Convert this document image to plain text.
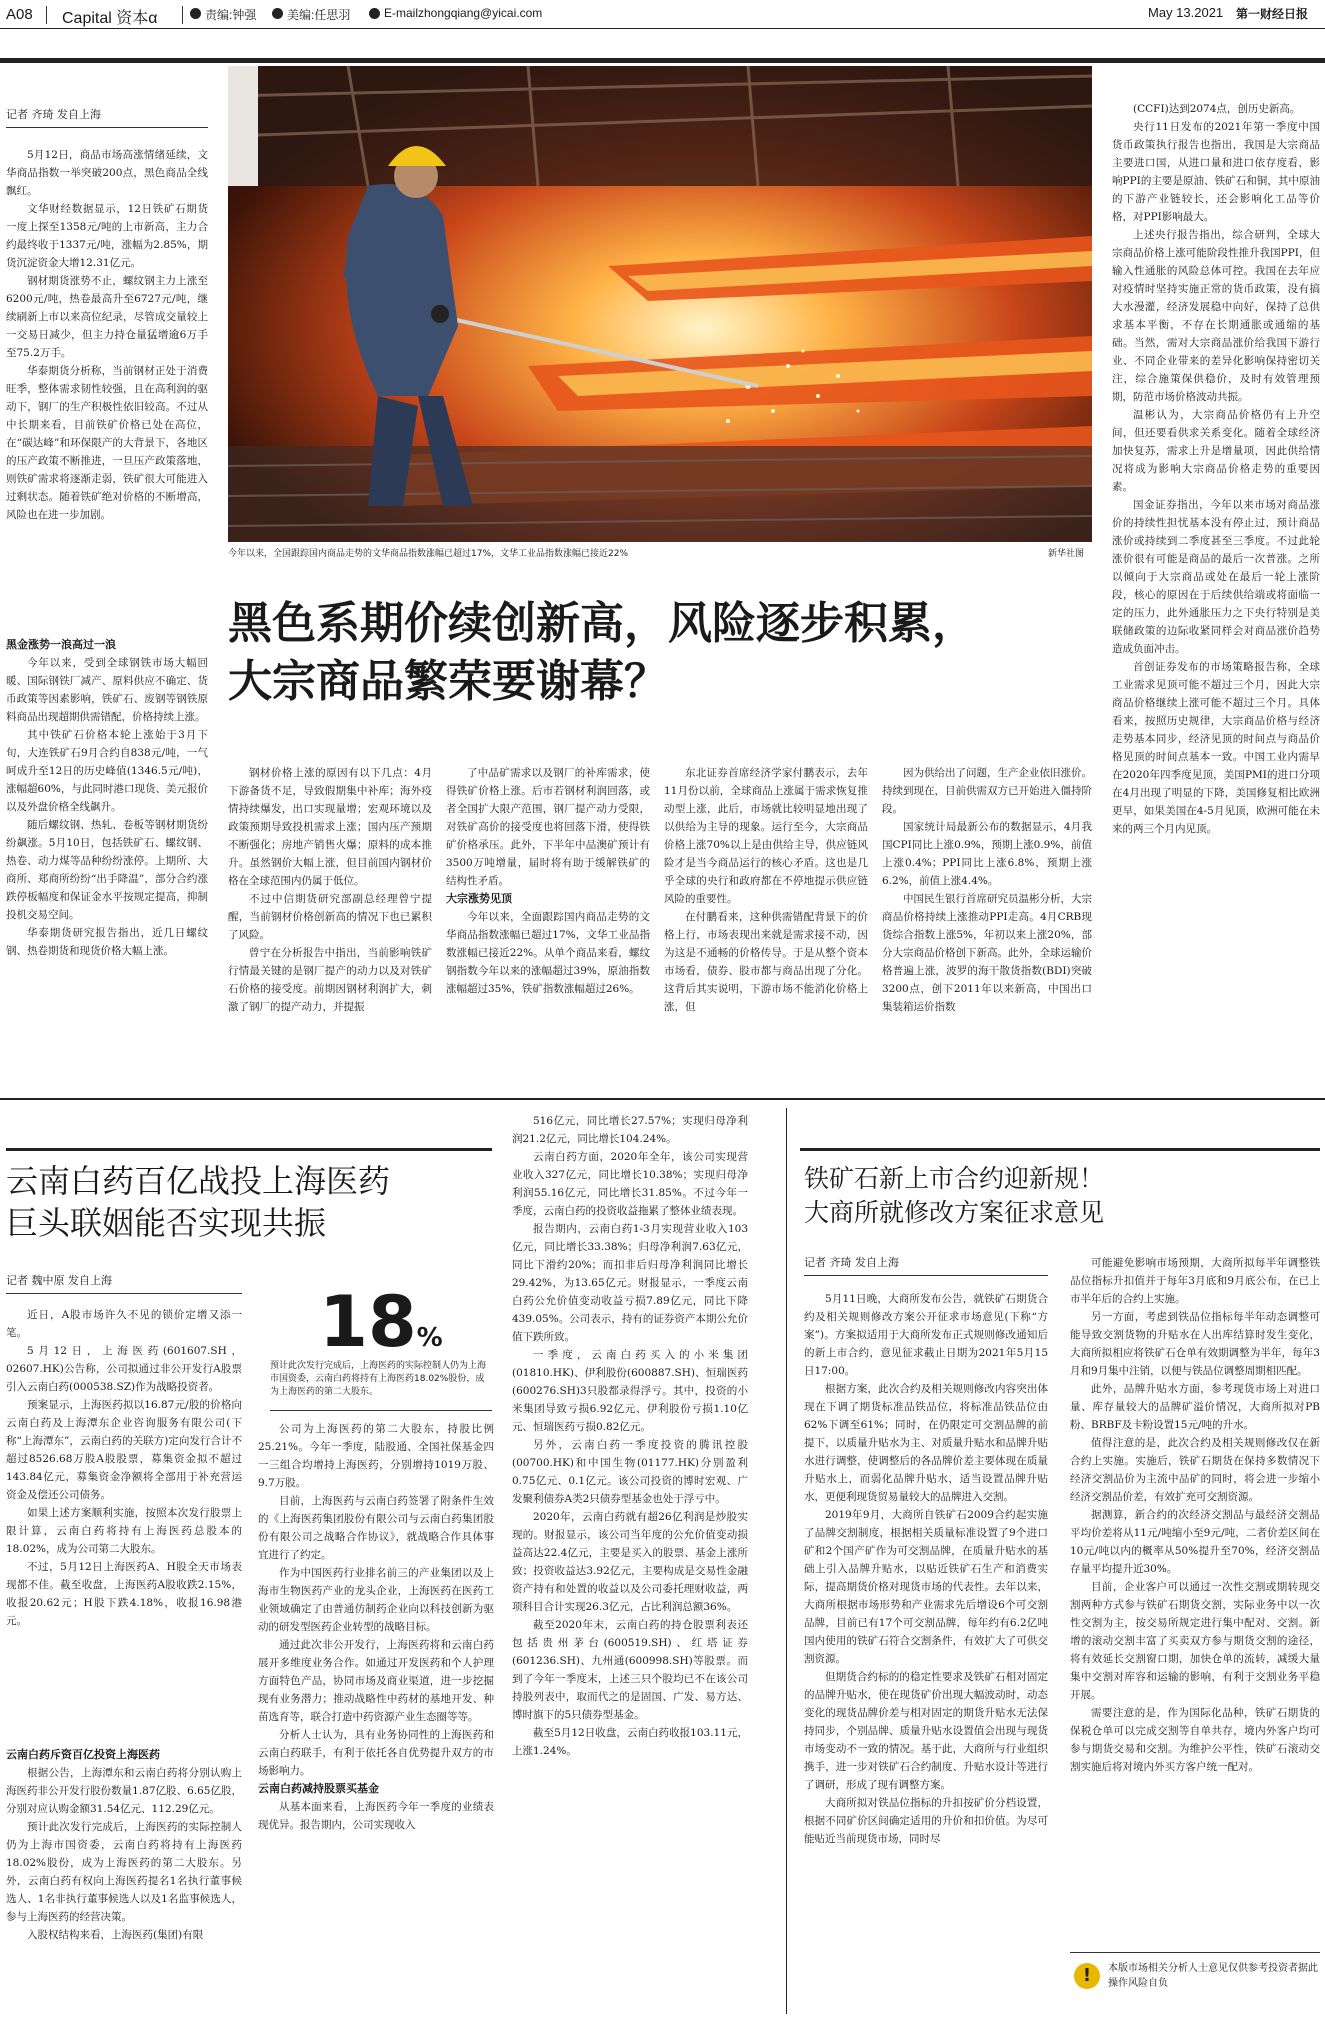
A08 Capital 资本α	责编:钟强	美编:任思羽	E-mailzhongqiang@yicai.com	May 13.2021 第一财经日报
今年以来，全国跟踪国内商品走势的文华商品指数涨幅已超过17%，文华工业品指数涨幅已接近22%	新华社图
黑色系期价续创新高，风险逐步积累，
大宗商品繁荣要谢幕？
记者 齐琦 发自上海

5月12日，商品市场高涨情绪延续，文华商品指数一举突破200点，黑色商品全线飘红。

文华财经数据显示，12日铁矿石期货一度上探至1358元/吨的上市新高，主力合约最终收于1337元/吨，涨幅为2.85%，期货沉淀资金大增12.31亿元。

钢材期货涨势不止，螺纹钢主力上涨至6200元/吨，热卷最高升至6727元/吨，继续刷新上市以来高位纪录，尽管成交量较上一交易日减少，但主力持仓量猛增逾6万手至75.2万手。

华泰期货分析称，当前钢材正处于消费旺季，整体需求韧性较强，且在高利润的驱动下，钢厂的生产积极性依旧较高。不过从中长期来看，目前铁矿价格已处在高位，在“碳达峰”和环保限产的大背景下，各地区的压产政策不断推进，一旦压产政策落地，则铁矿需求将逐渐走弱，铁矿很大可能进入过剩状态。随着铁矿绝对价格的不断增高，风险也在进一步加剧。

黑金涨势一浪高过一浪

今年以来，受到全球钢铁市场大幅回暖、国际钢铁厂减产、原料供应不确定、货币政策等因素影响，铁矿石、废钢等钢铁原料商品出现超期供需错配，价格持续上涨。

其中铁矿石价格本轮上涨始于3月下旬，大连铁矿石9月合约自838元/吨，一气呵成升至12日的历史峰值(1346.5元/吨)，涨幅超60%，与此同时港口现货、美元报价以及外盘价格全线飙升。

随后螺纹钢、热轧、卷板等钢材期货纷纷飙涨。5月10日，包括铁矿石、螺纹钢、热卷、动力煤等品种纷纷涨停。上期所、大商所、郑商所纷纷“出手降温”，部分合约涨跌停板幅度和保证金水平按规定提高，抑制投机交易空间。

华泰期货研究报告指出，近几日螺纹钢、热卷期货和现货价格大幅上涨。

钢材价格上涨的原因有以下几点：4月下游备货不足，导致假期集中补库；海外疫情持续爆发，出口实现量增；宏观环境以及政策预期导致投机需求上涨；国内压产预期不断强化；房地产销售火爆；原料的成本推升。虽然钢价大幅上涨，但目前国内钢材价格在全球范围内仍属于低位。

不过中信期货研究部副总经理曾宁提醒，当前钢材价格创新高的情况下也已累积了风险。

曾宁在分析报告中指出，当前影响铁矿行情最关键的是钢厂提产的动力以及对铁矿石价格的接受度。前期因钢材利润扩大，刺激了钢厂的提产动力，并提振

了中品矿需求以及钢厂的补库需求，使得铁矿价格上涨。后市若钢材利润回落，或者全国扩大限产范围，钢厂提产动力受限，对铁矿高价的接受度也将回落下滑，使得铁矿价格承压。此外，下半年中品澳矿预计有3500万吨增量，届时将有助于缓解铁矿的结构性矛盾。

大宗涨势见顶

今年以来，全面跟踪国内商品走势的文华商品指数涨幅已超过17%，文华工业品指数涨幅已接近22%。从单个商品来看，螺纹钢指数今年以来的涨幅超过39%，原油指数涨幅超过35%，铁矿指数涨幅超过26%。

东北证券首席经济学家付鹏表示，去年11月份以前，全球商品上涨属于需求恢复推动型上涨，此后，市场就比较明显地出现了以供给为主导的现象。运行至今，大宗商品价格上涨70%以上是由供给主导，供应链风险才是当今商品运行的核心矛盾。这也是几乎全球的央行和政府都在不停地提示供应链风险的重要性。

在付鹏看来，这种供需错配背景下的价格上行，市场表现出来就是需求接不动，因为这是不通畅的价格传导。于是从整个资本市场看，债券、股市都与商品出现了分化。这背后其实说明，下游市场不能消化价格上涨，但

因为供给出了问题，生产企业依旧涨价。持续到现在，目前供需双方已开始进入僵持阶段。

国家统计局最新公布的数据显示，4月我国CPI同比上涨0.9%，预期上涨0.9%，前值上涨0.4%；PPI同比上涨6.8%，预期上涨6.2%，前值上涨4.4%。

中国民生银行首席研究员温彬分析，大宗商品价格持续上涨推动PPI走高。4月CRB现货综合指数上涨5%，年初以来上涨20%，部分大宗商品价格创下新高。此外，全球运输价格普遍上涨，波罗的海干散货指数(BDI)突破3200点，创下2011年以来新高，中国出口集装箱运价指数

(CCFI)达到2074点，创历史新高。

央行11日发布的2021年第一季度中国货币政策执行报告也指出，我国是大宗商品主要进口国，从进口量和进口依存度看，影响PPI的主要是原油、铁矿石和铜，其中原油的下游产业链较长，还会影响化工品等价格，对PPI影响最大。

上述央行报告指出，综合研判，全球大宗商品价格上涨可能阶段性推升我国PPI，但输入性通胀的风险总体可控。我国在去年应对疫情时坚持实施正常的货币政策，没有搞大水漫灌，经济发展稳中向好，保持了总供求基本平衡，不存在长期通胀或通缩的基础。当然，需对大宗商品涨价给我国下游行业、不同企业带来的差异化影响保持密切关注，综合施策保供稳价，及时有效管理预期，防范市场价格波动共振。

温彬认为，大宗商品价格仍有上升空间，但还要看供求关系变化。随着全球经济加快复苏，需求上升是增量项，因此供给情况将成为影响大宗商品价格走势的重要因素。

国金证券指出，今年以来市场对商品涨价的持续性担忧基本没有停止过，预计商品涨价或持续到二季度甚至三季度。不过此轮涨价很有可能是商品的最后一次普涨。之所以倾向于大宗商品或处在最后一轮上涨阶段，核心的原因在于后续供给端或将面临一定的压力，此外通胀压力之下央行特别是美联储政策的边际收紧同样会对商品涨价趋势造成负面冲击。

首创证券发布的市场策略报告称，全球工业需求见顶可能不超过三个月，因此大宗商品价格继续上涨可能不超过三个月。具体看来，按照历史规律，大宗商品价格与经济走势基本同步，经济见顶的时间点与商品价格见顶的时间点基本一致。中国工业内需早在2020年四季度见顶，美国PMI的进口分项在4月出现了明显的下降，美国修复相比欧洲更早，如果美国在4-5月见顶，欧洲可能在未来的两三个月内见顶。

云南白药百亿战投上海医药
巨头联姻能否实现共振
记者 魏中原 发自上海

近日，A股市场许久不见的锁价定增又添一笔。

5月12日，上海医药(601607.SH，02607.HK)公告称，公司拟通过非公开发行A股票引入云南白药(000538.SZ)作为战略投资者。

预案显示，上海医药拟以16.87元/股的价格向云南白药及上海潭东企业咨询服务有限公司(下称“上海潭东”，云南白药的关联方)定向发行合计不超过8526.68万股A股股票，募集资金拟不超过143.84亿元，募集资金净额将全部用于补充营运资金及偿还公司债务。

如果上述方案顺利实施，按照本次发行股票上限计算，云南白药将持有上海医药总股本的18.02%，成为公司第二大股东。

不过，5月12日上海医药A、H股全天市场表现都不佳。截至收盘，上海医药A股收跌2.15%，收报20.62元；H股下跌4.18%，收报16.98港元。

云南白药斥资百亿投资上海医药

根据公告，上海潭东和云南白药将分别认购上海医药非公开发行股份数量1.87亿股、6.65亿股，分别对应认购金额31.54亿元、112.29亿元。

预计此次发行完成后，上海医药的实际控制人仍为上海市国资委，云南白药将持有上海医药18.02%股份，成为上海医药的第二大股东。另外，云南白药有权向上海医药提名1名执行董事候选人、1名非执行董事候选人以及1名监事候选人，参与上海医药的经营决策。

入股权结构来看，上海医药(集团)有限

18%
预计此次发行完成后，上海医药的实际控制人仍为上海市国资委，云南白药将持有上海医药18.02%股份，成为上海医药的第二大股东。

公司为上海医药的第二大股东，持股比例25.21%。今年一季度，陆股通、全国社保基金四一三组合均增持上海医药，分别增持1019万股、9.7万股。

目前，上海医药与云南白药签署了附条件生效的《上海医药集团股份有限公司与云南白药集团股份有限公司之战略合作协议》，就战略合作具体事宜进行了约定。

作为中国医药行业排名前三的产业集团以及上海市生物医药产业的龙头企业，上海医药在医药工业领域确定了由普通仿制药企业向以科技创新为驱动的研发型医药企业转型的战略目标。

通过此次非公开发行，上海医药将和云南白药展开多维度业务合作。如通过开发医药和个人护理方面特色产品，协同市场及商业渠道，进一步挖掘现有业务潜力；推动战略性中药材的基地开发、种苗选育等，联合打造中药资源产业生态圈等等。

分析人士认为，具有业务协同性的上海医药和云南白药联手，有利于依托各自优势提升双方的市场影响力。

云南白药减持股票买基金

从基本面来看，上海医药今年一季度的业绩表现优异。报告期内，公司实现收入

516亿元，同比增长27.57%；实现归母净利润21.2亿元，同比增长104.24%。

云南白药方面，2020年全年，该公司实现营业收入327亿元，同比增长10.38%；实现归母净利润55.16亿元，同比增长31.85%。不过今年一季度，云南白药的投资收益拖累了整体业绩表现。

报告期内，云南白药1-3月实现营业收入103亿元，同比增长33.38%；归母净利润7.63亿元，同比下滑约20%；而扣非后归母净利润同比增长29.42%，为13.65亿元。财报显示，一季度云南白药公允价值变动收益亏损7.89亿元，同比下降439.05%。公司表示，持有的证券资产本期公允价值下跌所致。

一季度，云南白药买入的小米集团(01810.HK)、伊利股份(600887.SH)、恒瑞医药(600276.SH)3只股都录得浮亏。其中，投资的小米集团导致亏损6.92亿元、伊利股份亏损1.10亿元、恒瑞医药亏损0.82亿元。

另外，云南白药一季度投资的腾讯控股(00700.HK)和中国生物(01177.HK)分别盈利0.75亿元、0.1亿元。该公司投资的博时宏观、广发聚利债券A类2只债券型基金也处于浮亏中。

2020年，云南白药就有超26亿利润是炒股实现的。财报显示，该公司当年度的公允价值变动损益高达22.4亿元，主要是买入的股票、基金上涨所致；投资收益达3.92亿元，主要构成是交易性金融资产持有和处置的收益以及公司委托理财收益，两项科目合计实现26.3亿元，占比利润总额36%。

截至2020年末，云南白药的持仓股票利表还包括贵州茅台(600519.SH)、红塔证券(601236.SH)、九州通(600998.SH)等股票。而到了今年一季度末，上述三只个股均已不在该公司持股列表中，取而代之的是固国、广发、易方达、博时旗下的5只债券型基金。

截至5月12日收盘，云南白药收报103.11元，上涨1.24%。

铁矿石新上市合约迎新规！
大商所就修改方案征求意见
记者 齐琦 发自上海

5月11日晚，大商所发布公告，就铁矿石期货合约及相关规则修改方案公开征求市场意见(下称“方案”)。方案拟适用于大商所发布正式规则修改通知后的新上市合约，意见征求截止日期为2021年5月15日17:00。

根据方案，此次合约及相关规则修改内容突出体现在下调了期货标准品铁品位，将标准品铁品位由62%下调至61%；同时，在仍限定可交割品牌的前提下，以质量升贴水为主、对质量升贴水和品牌升贴水进行调整，使调整后的各品牌价差主要体现在质量升贴水上，而弱化品牌升贴水，适当设置品牌升贴水，更便利现货贸易量较大的品牌进入交割。

2019年9月，大商所自铁矿石2009合约起实施了品牌交割制度，根据相关质量标准设置了9个进口矿和2个国产矿作为可交割品牌，在质量升贴水的基础上引入品牌升贴水，以贴近铁矿石生产和消费实际，提高期货价格对现货市场的代表性。去年以来，大商所根据市场形势和产业需求先后增设6个可交割品牌，目前已有17个可交割品牌，每年约有6.2亿吨国内使用的铁矿石符合交割条件，有效扩大了可供交割资源。

但期货合约标的的稳定性要求及铁矿石相对固定的品牌升贴水，使在现货矿价出现大幅波动时，动态变化的现货品牌价差与相对固定的期货升贴水无法保持同步，个别品牌、质量升贴水设置值会出现与现货市场变动不一致的情况。基于此，大商所与行业组织携手，进一步对铁矿石合约制度、升贴水设计等进行了调研，形成了现有调整方案。

大商所拟对铁品位指标的升扣按矿价分档设置，根据不同矿价区间确定适用的升价和扣价值。为尽可能贴近当前现货市场，同时尽

可能避免影响市场预期，大商所拟每半年调整铁品位指标升扣值并于每年3月底和9月底公布，在已上市半年后的合约上实施。

另一方面，考虑到铁品位指标每半年动态调整可能导致交割货物的升贴水在人出库结算时发生变化，大商所拟相应将铁矿石仓单有效期调整为半年，每年3月和9月集中注销，以便与铁品位调整周期相匹配。

此外，品牌升贴水方面，参考现货市场上对进口量、库存量较大的品牌矿溢价情况，大商所拟对PB粉、BRBF及卡粉设置15元/吨的升水。

值得注意的是，此次合约及相关规则修改仅在新合约上实施。实施后，铁矿石期货在保持多数情况下经济交割品价为主流中品矿的同时，将会进一步缩小经济交割品价差，有效扩充可交割资源。

据测算，新合约的次经济交割品与最经济交割品平均价差将从11元/吨缩小至9元/吨，二者价差区间在10元/吨以内的概率从50%提升至70%，经济交割品存量平均提升近30%。

目前，企业客户可以通过一次性交割或期转现交割两种方式参与铁矿石期货交割，实际业务中以一次性交割为主，按交易所规定进行集中配对、交割。新增的滚动交割丰富了买卖双方参与期货交割的途径，将有效延长交割窗口期，加快仓单的流转，减缓大量集中交割对库容和运输的影响，有利于交割业务平稳开展。

需要注意的是，作为国际化品种，铁矿石期货的保税仓单可以完成交割等自单共存，境内外客户均可参与期货交易和交割。为维护公平性，铁矿石滚动交割实施后将对境内外买方客户统一配对。

!	本版市场相关分析人士意见仅供参考投资者据此操作风险自负
